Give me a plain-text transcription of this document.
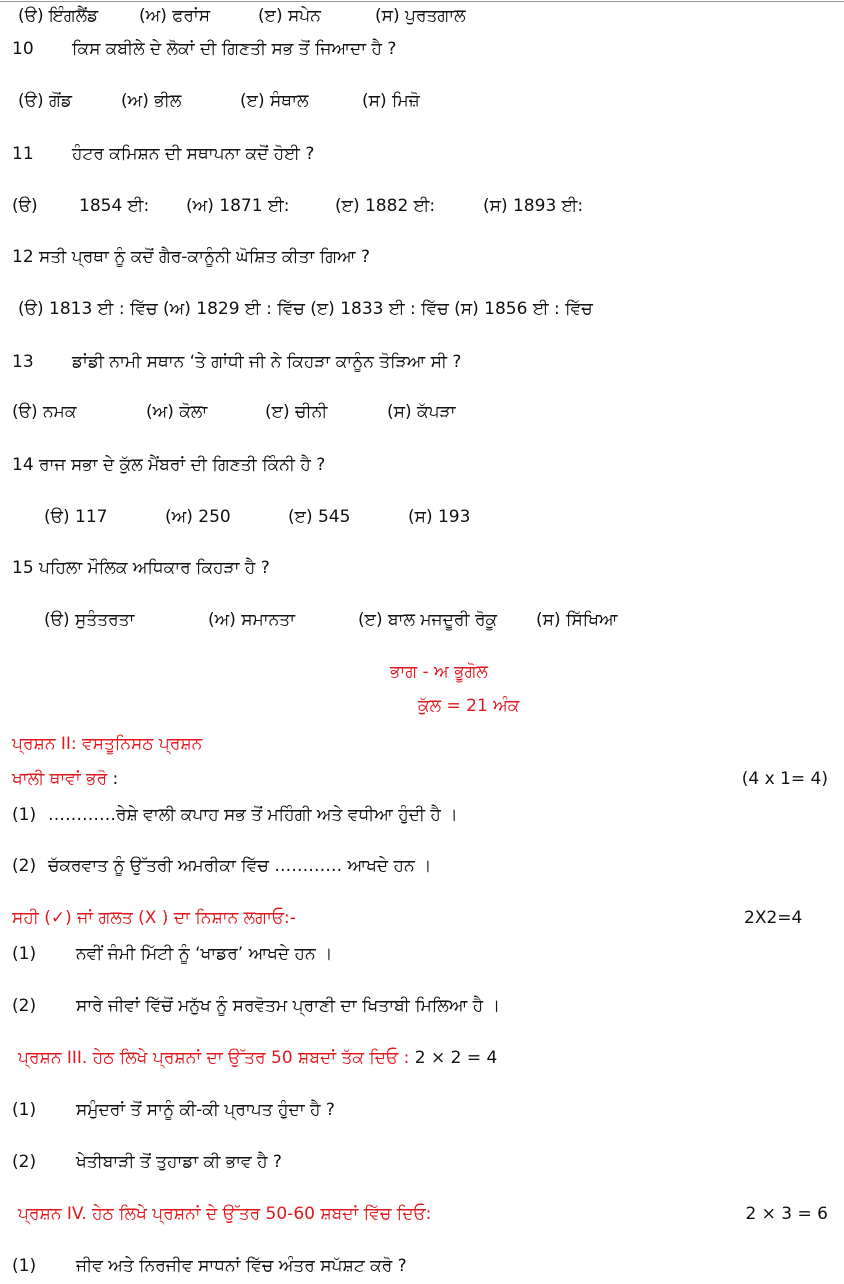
(ੳ) ਇੰਗਲੈਂਡ (ਅ) ਫਰਾਂਸ	(ੲ) ਸਪੇਨ	(ਸ) ਪੁਰਤਗਾਲ
10 ਕਿਸ ਕਬੀਲੇ ਦੇ ਲੋਕਾਂ ਦੀ ਗਿਣਤੀ ਸਭ ਤੋਂ ਜਿਆਦਾ ਹੈ ?
(ੳ) ਗੋਂਡ	(ਅ) ਭੀਲ	(ੲ) ਸੰਥਾਲ	(ਸ) ਮਿਜ਼ੋ
11 ਹੰਟਰ ਕਮਿਸ਼ਨ ਦੀ ਸਥਾਪਨਾ ਕਦੋਂ ਹੋਈ ?
(ੳ) 1854 ਈ: (ਅ) 1871 ਈ:	(ੲ) 1882 ਈ:	(ਸ) 1893 ਈ:
12 ਸਤੀ ਪ੍ਰਥਾ ਨੂੰ ਕਦੋਂ ਗੈਰ-ਕਾਨੂੰਨੀ ਘੋਸ਼ਿਤ ਕੀਤਾ ਗਿਆ ?
(ੳ) 1813 ਈ : ਵਿੱਚ (ਅ) 1829 ਈ : ਵਿੱਚ (ੲ) 1833 ਈ : ਵਿੱਚ (ਸ) 1856 ਈ : ਵਿੱਚ
13 ਡਾਂਡੀ ਨਾਮੀ ਸਥਾਨ ‘ਤੇ ਗਾਂਧੀ ਜੀ ਨੇ ਕਿਹੜਾ ਕਾਨੂੰਨ ਤੋੜਿਆ ਸੀ ?
(ੳ) ਨਮਕ	(ਅ) ਕੋਲਾ	(ੲ) ਚੀਨੀ	(ਸ) ਕੱਪੜਾ
14 ਰਾਜ ਸਭਾ ਦੇ ਕੁੱਲ ਮੈਂਬਰਾਂ ਦੀ ਗਿਣਤੀ ਕਿੰਨੀ ਹੈ ?
(ੳ) 117	(ਅ) 250	(ੲ) 545	(ਸ) 193
15 ਪਹਿਲਾ ਮੌਲਿਕ ਅਧਿਕਾਰ ਕਿਹੜਾ ਹੈ ?
(ੳ) ਸੁਤੰਤਰਤਾ	(ਅ) ਸਮਾਨਤਾ	(ੲ) ਬਾਲ ਮਜਦੂਰੀ ਰੋਕੂ (ਸ) ਸਿੱਖਿਆ
ਭਾਗ - ਅ ਭੂਗੋਲ
ਕੁੱਲ = 21 ਅੰਕ
ਪ੍ਰਸ਼ਨ II: ਵਸਤੂਨਿਸਠ ਪ੍ਰਸ਼ਨ
ਖਾਲੀ ਥਾਵਾਂ ਭਰੋ :	(4 x 1= 4)
(1) …………ਰੇਸ਼ੇ ਵਾਲੀ ਕਪਾਹ ਸਭ ਤੋਂ ਮਹਿੰਗੀ ਅਤੇ ਵਧੀਆ ਹੁੰਦੀ ਹੈ ।
(2) ਚੱਕਰਵਾਤ ਨੂੰ ਉੱਤਰੀ ਅਮਰੀਕਾ ਵਿੱਚ ………… ਆਖਦੇ ਹਨ ।
ਸਹੀ (✓) ਜਾਂ ਗਲਤ (X ) ਦਾ ਨਿਸ਼ਾਨ ਲਗਾਓ:-	2X2=4
(1) ਨਵੀਂ ਜੰਮੀ ਮਿੱਟੀ ਨੂੰ ‘ਖਾਡਰ’ ਆਖਦੇ ਹਨ ।
(2) ਸਾਰੇ ਜੀਵਾਂ ਵਿੱਚੋਂ ਮਨੁੱਖ ਨੂੰ ਸਰਵੋਤਮ ਪ੍ਰਾਣੀ ਦਾ ਖਿਤਾਬੀ ਮਿਲਿਆ ਹੈ ।
ਪ੍ਰਸ਼ਨ III. ਹੇਠ ਲਿਖੇ ਪ੍ਰਸ਼ਨਾਂ ਦਾ ਉੱਤਰ 50 ਸ਼ਬਦਾਂ ਤੱਕ ਦਿਓ : 2 × 2 = 4
(1) ਸਮੁੰਦਰਾਂ ਤੋਂ ਸਾਨੂੰ ਕੀ-ਕੀ ਪ੍ਰਾਪਤ ਹੁੰਦਾ ਹੈ ?
(2) ਖੇਤੀਬਾੜੀ ਤੋਂ ਤੁਹਾਡਾ ਕੀ ਭਾਵ ਹੈ ?
ਪ੍ਰਸ਼ਨ IV. ਹੇਠ ਲਿਖੇ ਪ੍ਰਸ਼ਨਾਂ ਦੇ ਉੱਤਰ 50-60 ਸ਼ਬਦਾਂ ਵਿੱਚ ਦਿਓ:	2 × 3 = 6
(1) ਜੀਵ ਅਤੇ ਨਿਰਜੀਵ ਸਾਧਨਾਂ ਵਿੱਚ ਅੰਤਰ ਸਪੱਸ਼ਟ ਕਰੋ ?
